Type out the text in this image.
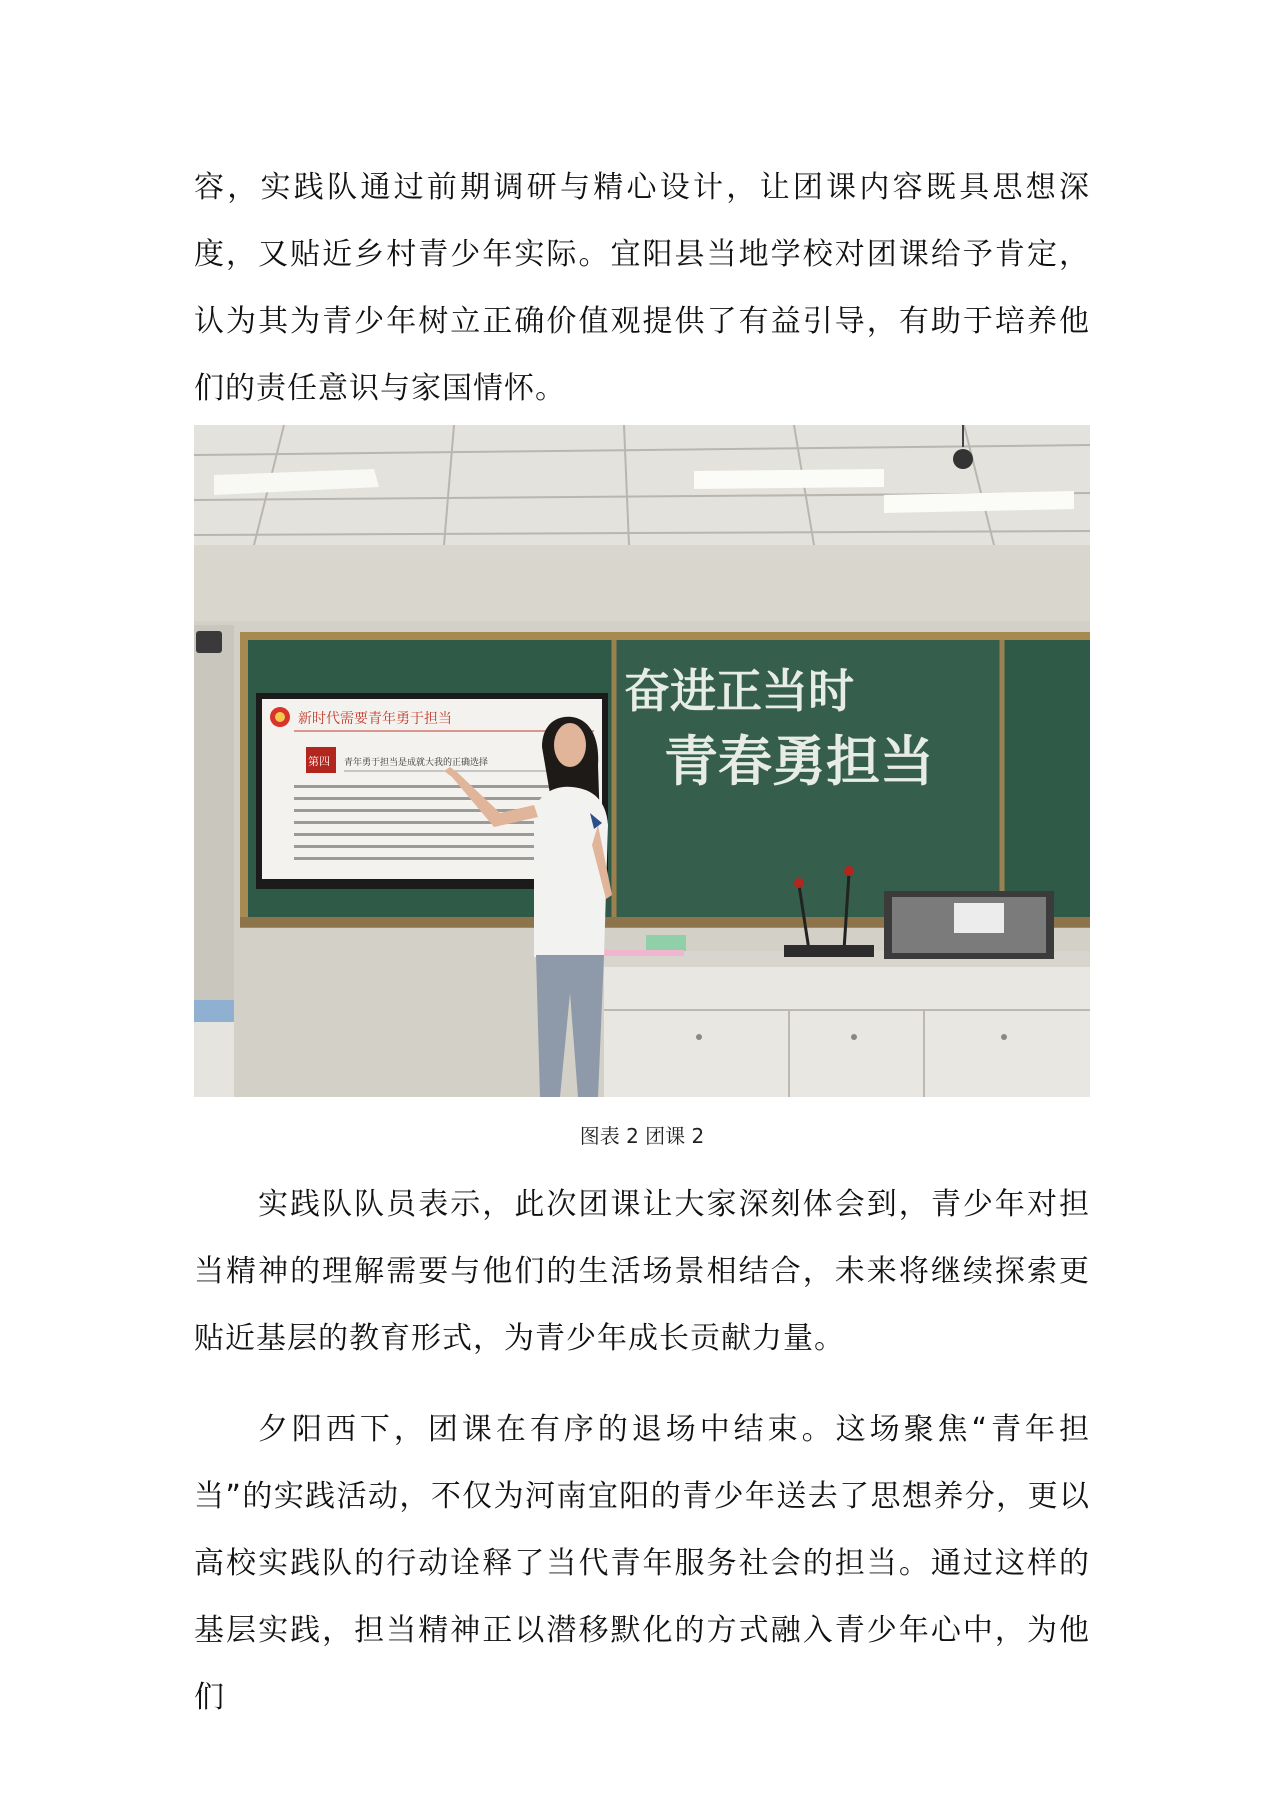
容，实践队通过前期调研与精心设计，让团课内容既具思想深度，又贴近乡村青少年实际。宜阳县当地学校对团课给予肯定，认为其为青少年树立正确价值观提供了有益引导，有助于培养他们的责任意识与家国情怀。

奋进正当时
青春勇担当
新时代需要青年勇于担当
第四 青年勇于担当是成就大我的正确选择
图表 2 团课 2

实践队队员表示，此次团课让大家深刻体会到，青少年对担当精神的理解需要与他们的生活场景相结合，未来将继续探索更贴近基层的教育形式，为青少年成长贡献力量。

夕阳西下，团课在有序的退场中结束。这场聚焦“青年担当”的实践活动，不仅为河南宜阳的青少年送去了思想养分，更以高校实践队的行动诠释了当代青年服务社会的担当。通过这样的基层实践，担当精神正以潜移默化的方式融入青少年心中，为他们
